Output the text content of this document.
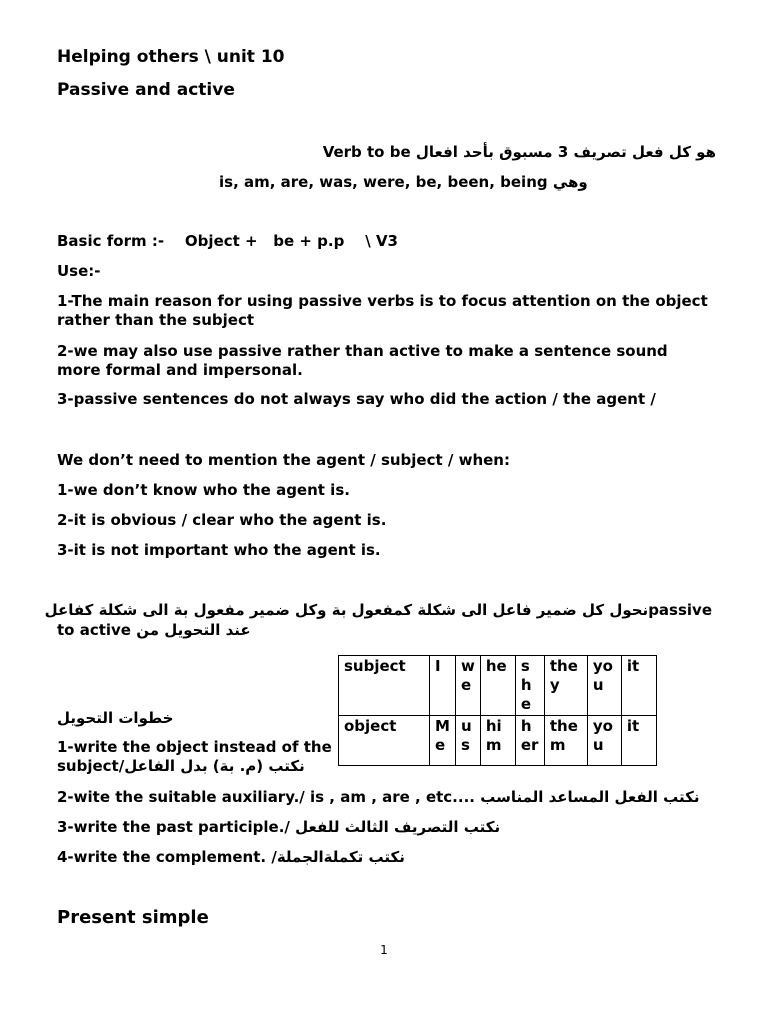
Helping others \ unit 10
Passive and active
هو كل فعل تصريف 3 مسبوق بأحد افعال Verb to be
is, am, are, was, were, be, been, being وهي
Basic form :-    Object +   be + p.p    \ V3
Use:-
1-The main reason for using passive verbs is to focus attention on the object rather than the subject
2-we may also use passive rather than active to make a sentence sound more formal and impersonal.
3-passive sentences do not always say who did the action / the agent /
We don’t need to mention the agent / subject / when:
1-we don’t know who the agent is.
2-it is obvious / clear who the agent is.
3-it is not important who the agent is.
passiveنحول كل ضمير فاعل الى شكلة كمفعول بة وكل ضمير مفعول بة الى شكلة كفاعل
to active عند التحويل من
subject	I	we	he	she	they	you	it
object	Me	us	him	her	them	you	it
خطوات التحويل
1-write the object instead of the subject/نكتب (م. بة) بدل الفاعل
2-wite the suitable auxiliary./ is , am , are , etc.... نكتب الفعل المساعد المناسب
3-write the past participle./ نكتب التصريف الثالث للفعل
4-write the complement. /نكتب تكملةالجملة
Present simple
1
